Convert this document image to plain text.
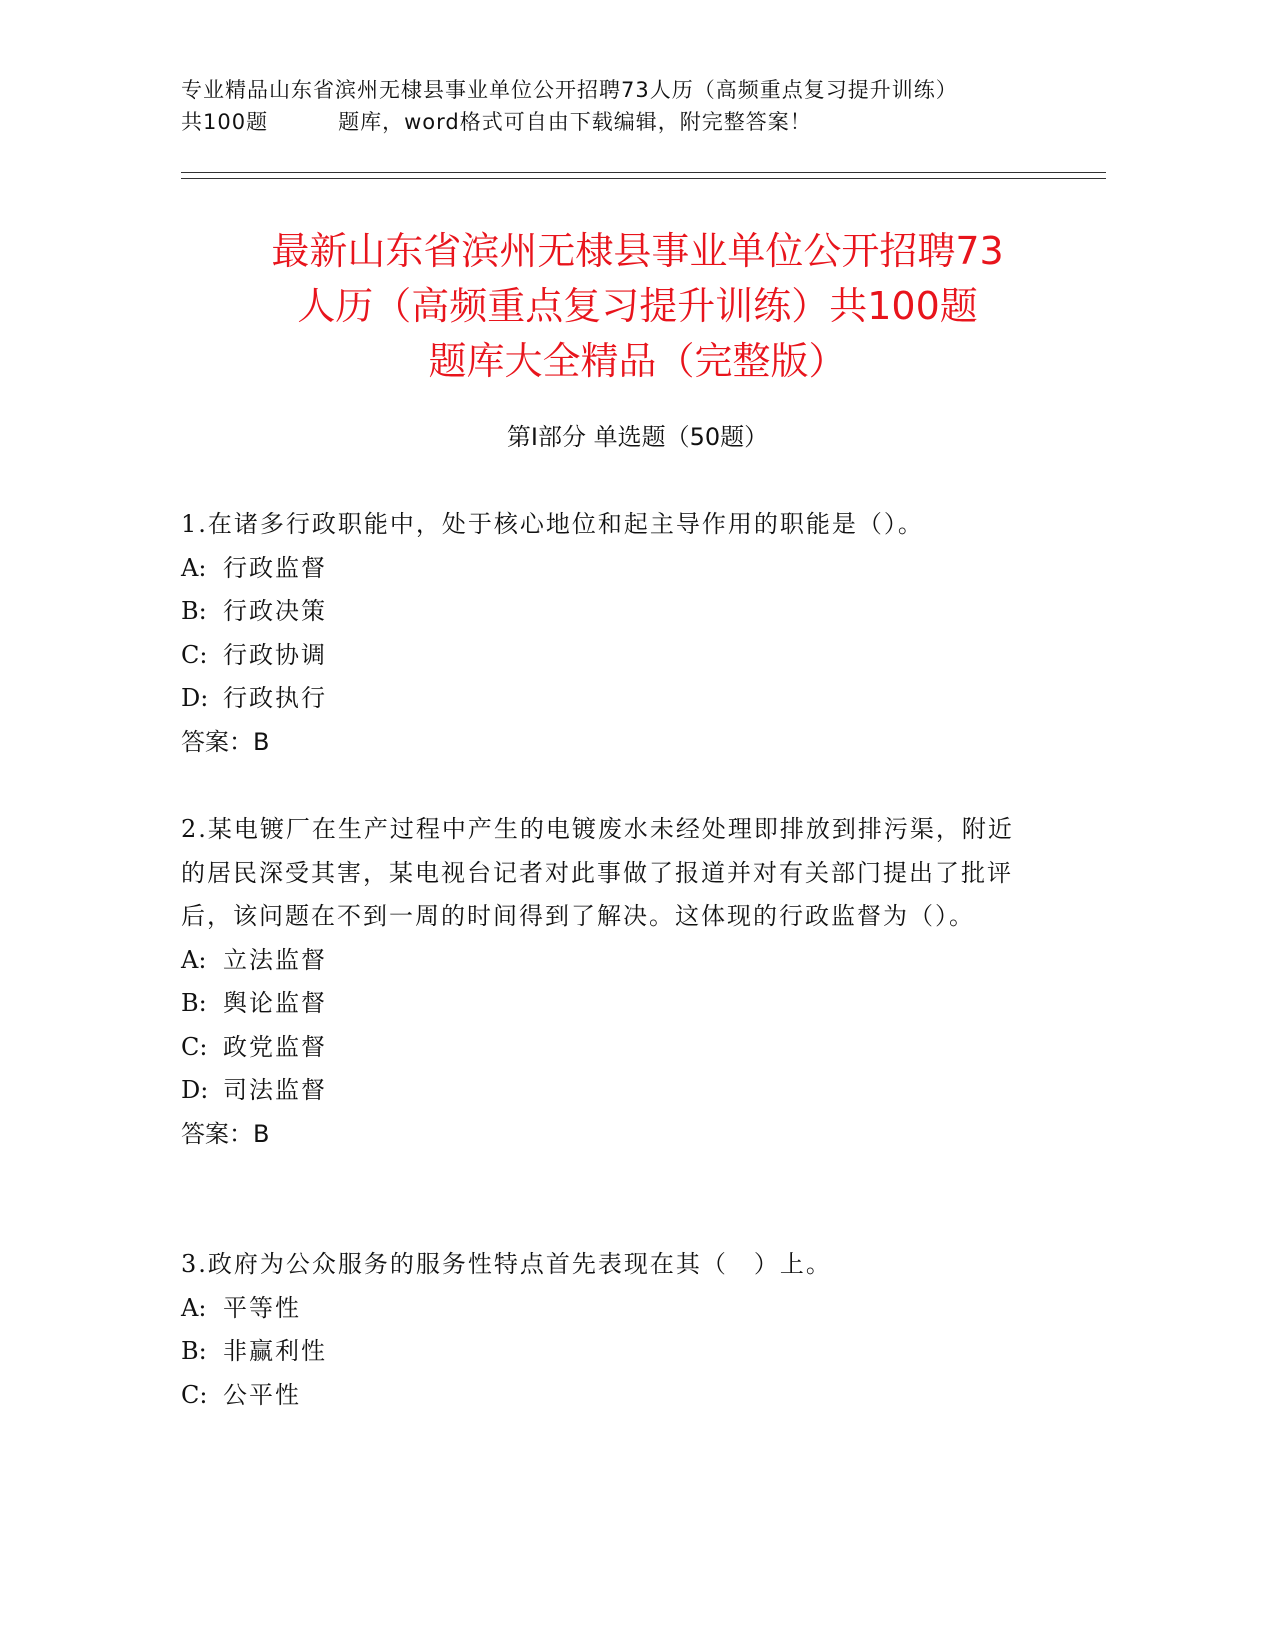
专业精品山东省滨州无棣县事业单位公开招聘73人历（高频重点复习提升训练）
共100题	题库，word格式可自由下载编辑，附完整答案！
最新山东省滨州无棣县事业单位公开招聘73
人历（高频重点复习提升训练）共100题
题库大全精品（完整版）
第Ⅰ部分 单选题（50题）

1.在诸多行政职能中，处于核心地位和起主导作用的职能是（）。

A: 行政监督
B: 行政决策
C: 行政协调
D: 行政执行
答案：B

2.某电镀厂在生产过程中产生的电镀废水未经处理即排放到排污渠，附近的居民深受其害，某电视台记者对此事做了报道并对有关部门提出了批评后，该问题在不到一周的时间得到了解决。这体现的行政监督为（）。

A: 立法监督
B: 舆论监督
C: 政党监督
D: 司法监督
答案：B

3.政府为公众服务的服务性特点首先表现在其（　）上。

A: 平等性
B: 非赢利性
C: 公平性
